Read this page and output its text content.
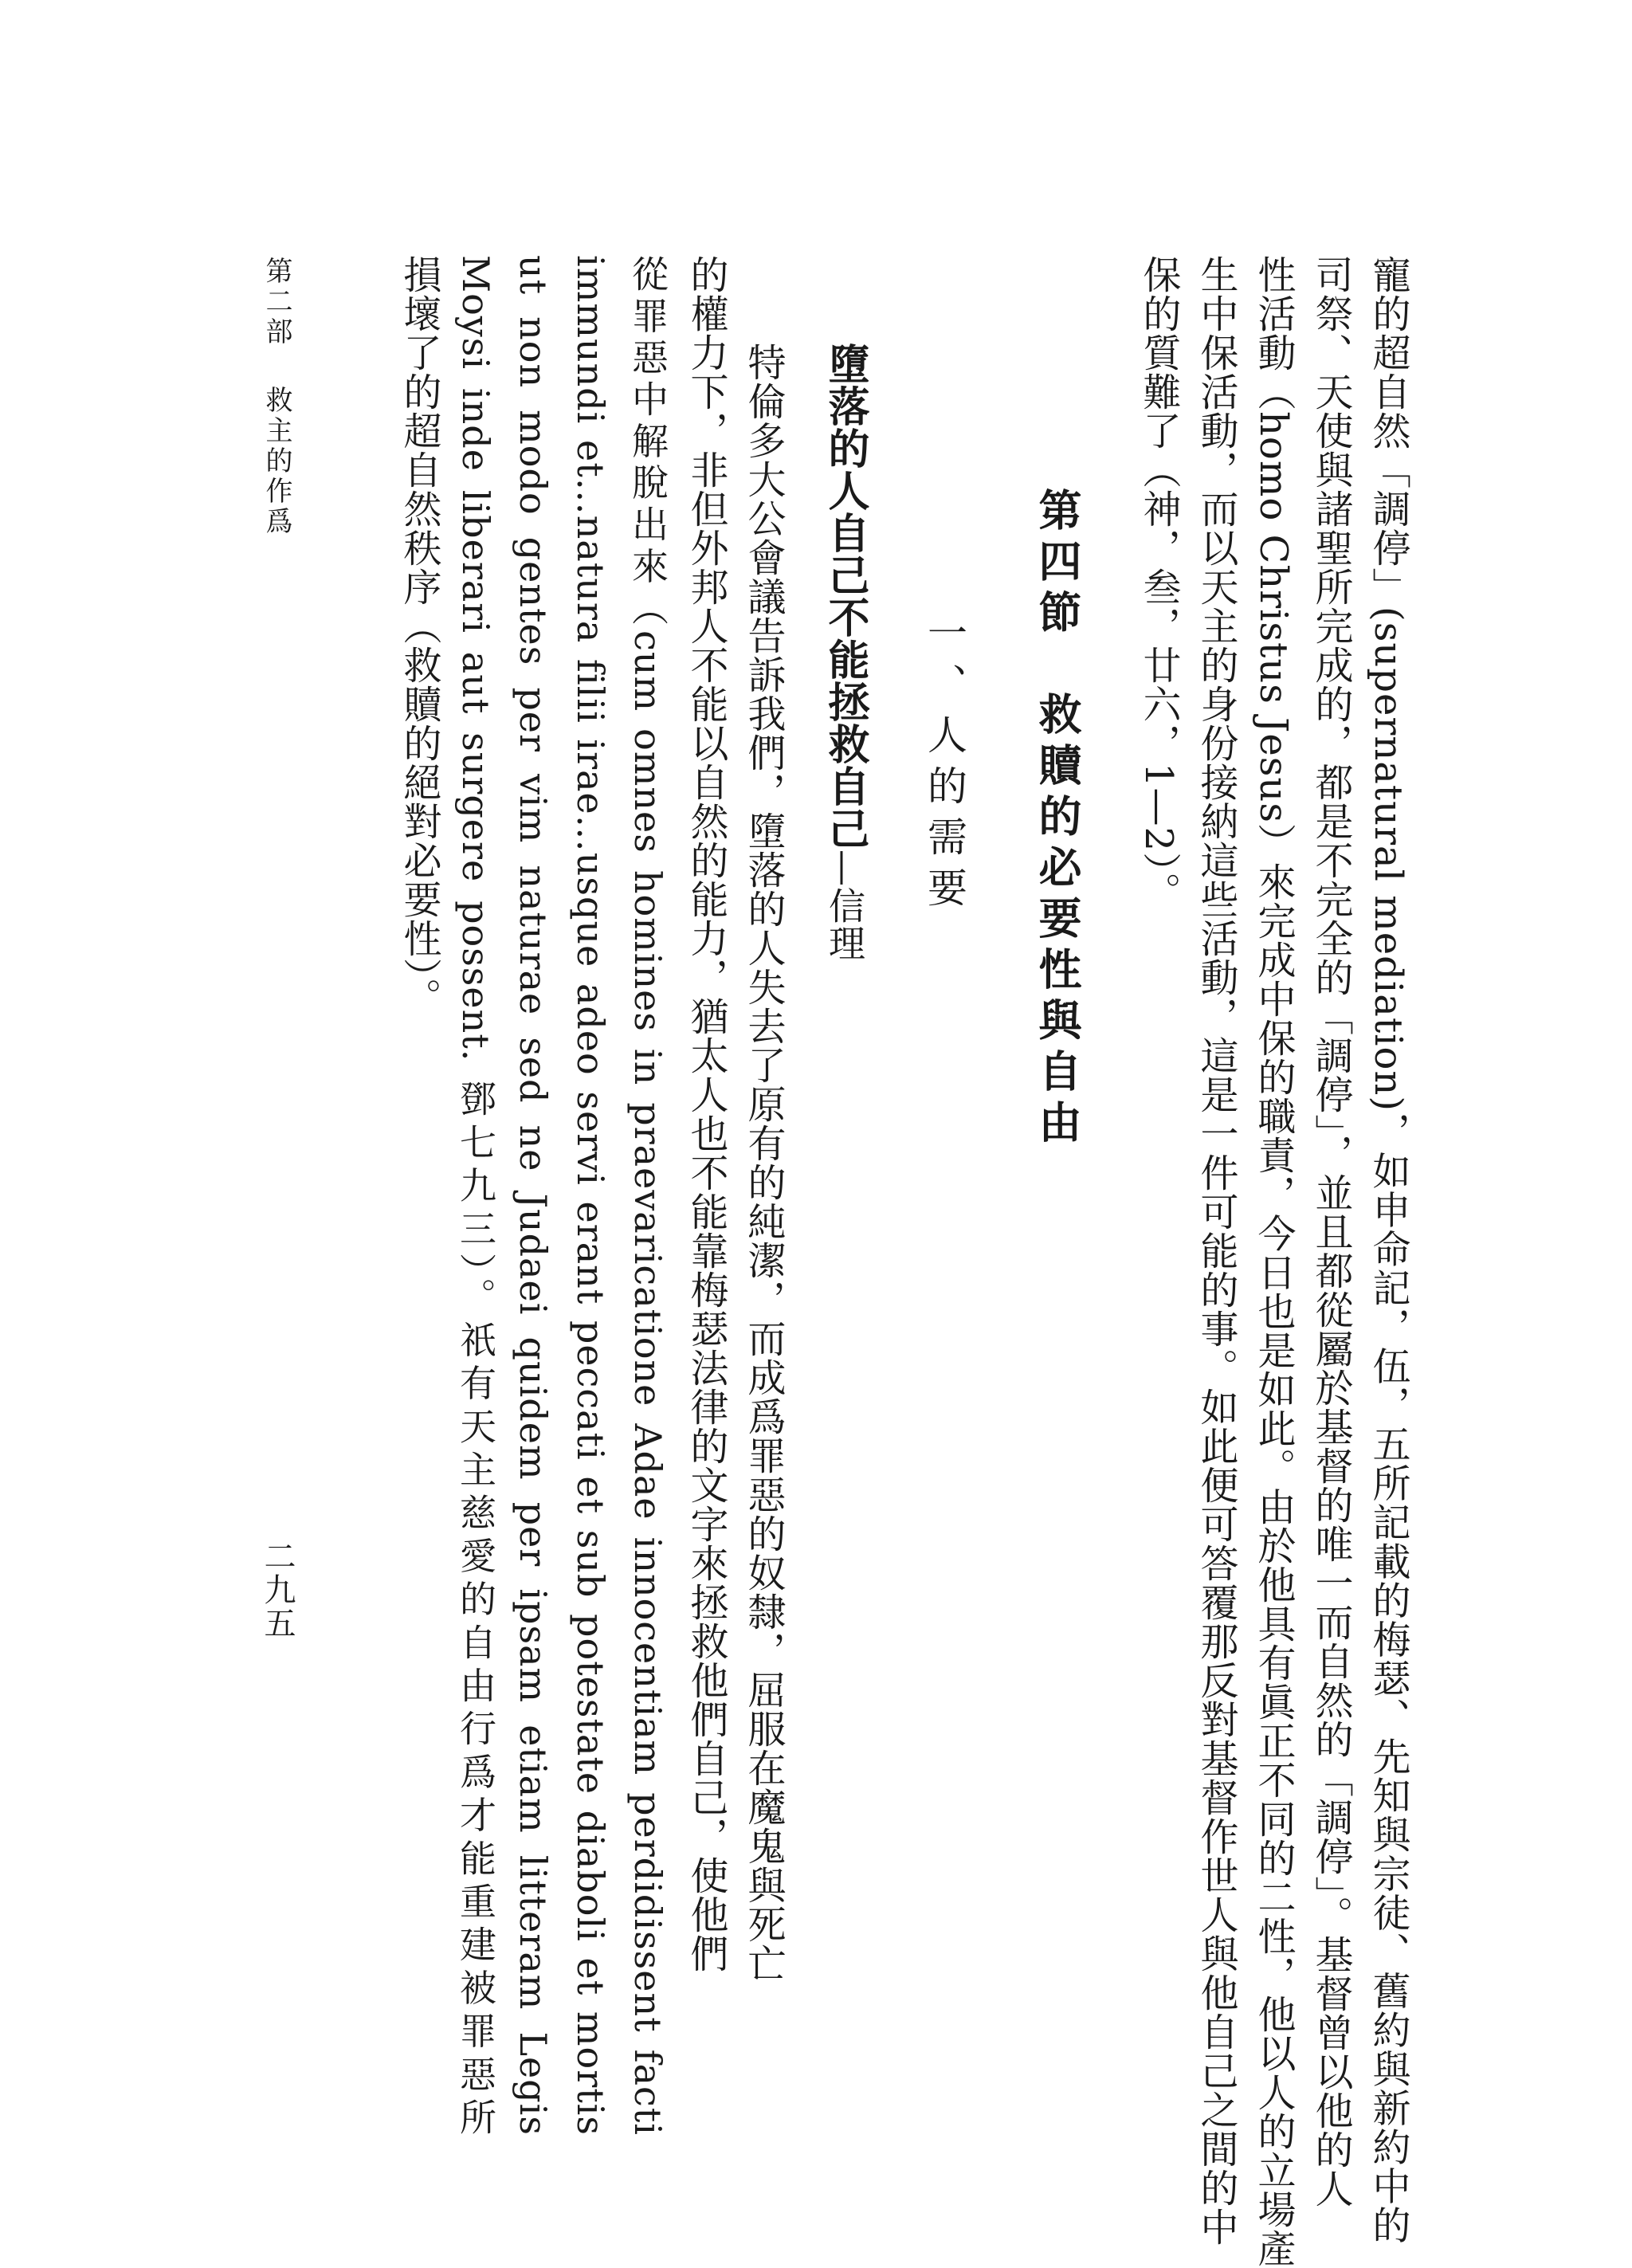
寵的超自然「調停」(supernatural mediation)，如申命記，伍，五所記載的梅瑟、先知與宗徒、舊約與新約中的
司祭、天使與諸聖所完成的，都是不完全的「調停」，並且都從屬於基督的唯一而自然的「調停」。基督曾以他的人
性活動（homo Christus Jesus）來完成中保的職責，今日也是如此。由於他具有眞正不同的二性，他以人的立場產
生中保活動，而以天主的身份接納這些活動，這是一件可能的事。如此便可答覆那反對基督作世人與他自己之間的中
保的質難了（神，叁，廿六，1—2）。
第四節　救贖的必要性與自由
一、人的需要
墮落的人自己不能拯救自己—信理
特倫多大公會議告訴我們，墮落的人失去了原有的純潔，而成爲罪惡的奴隸，屈服在魔鬼與死亡
的權力下，非但外邦人不能以自然的能力，猶太人也不能靠梅瑟法律的文字來拯救他們自己，使他們
從罪惡中解脫出來（cum omnes homines in praevaricatione Adae innocentiam perdidissent facti
immundi et…natura filii irae…usque adeo servi erant peccati et sub potestate diaboli et mortis
ut non modo gentes per vim naturae sed ne Judaei quidem per ipsam etiam litteram Legis
Moysi inde liberari aut surgere possent. 鄧七九三）。祇有天主慈愛的自由行爲才能重建被罪惡所
損壞了的超自然秩序（救贖的絕對必要性）。
第二部救主的作爲
二九五
